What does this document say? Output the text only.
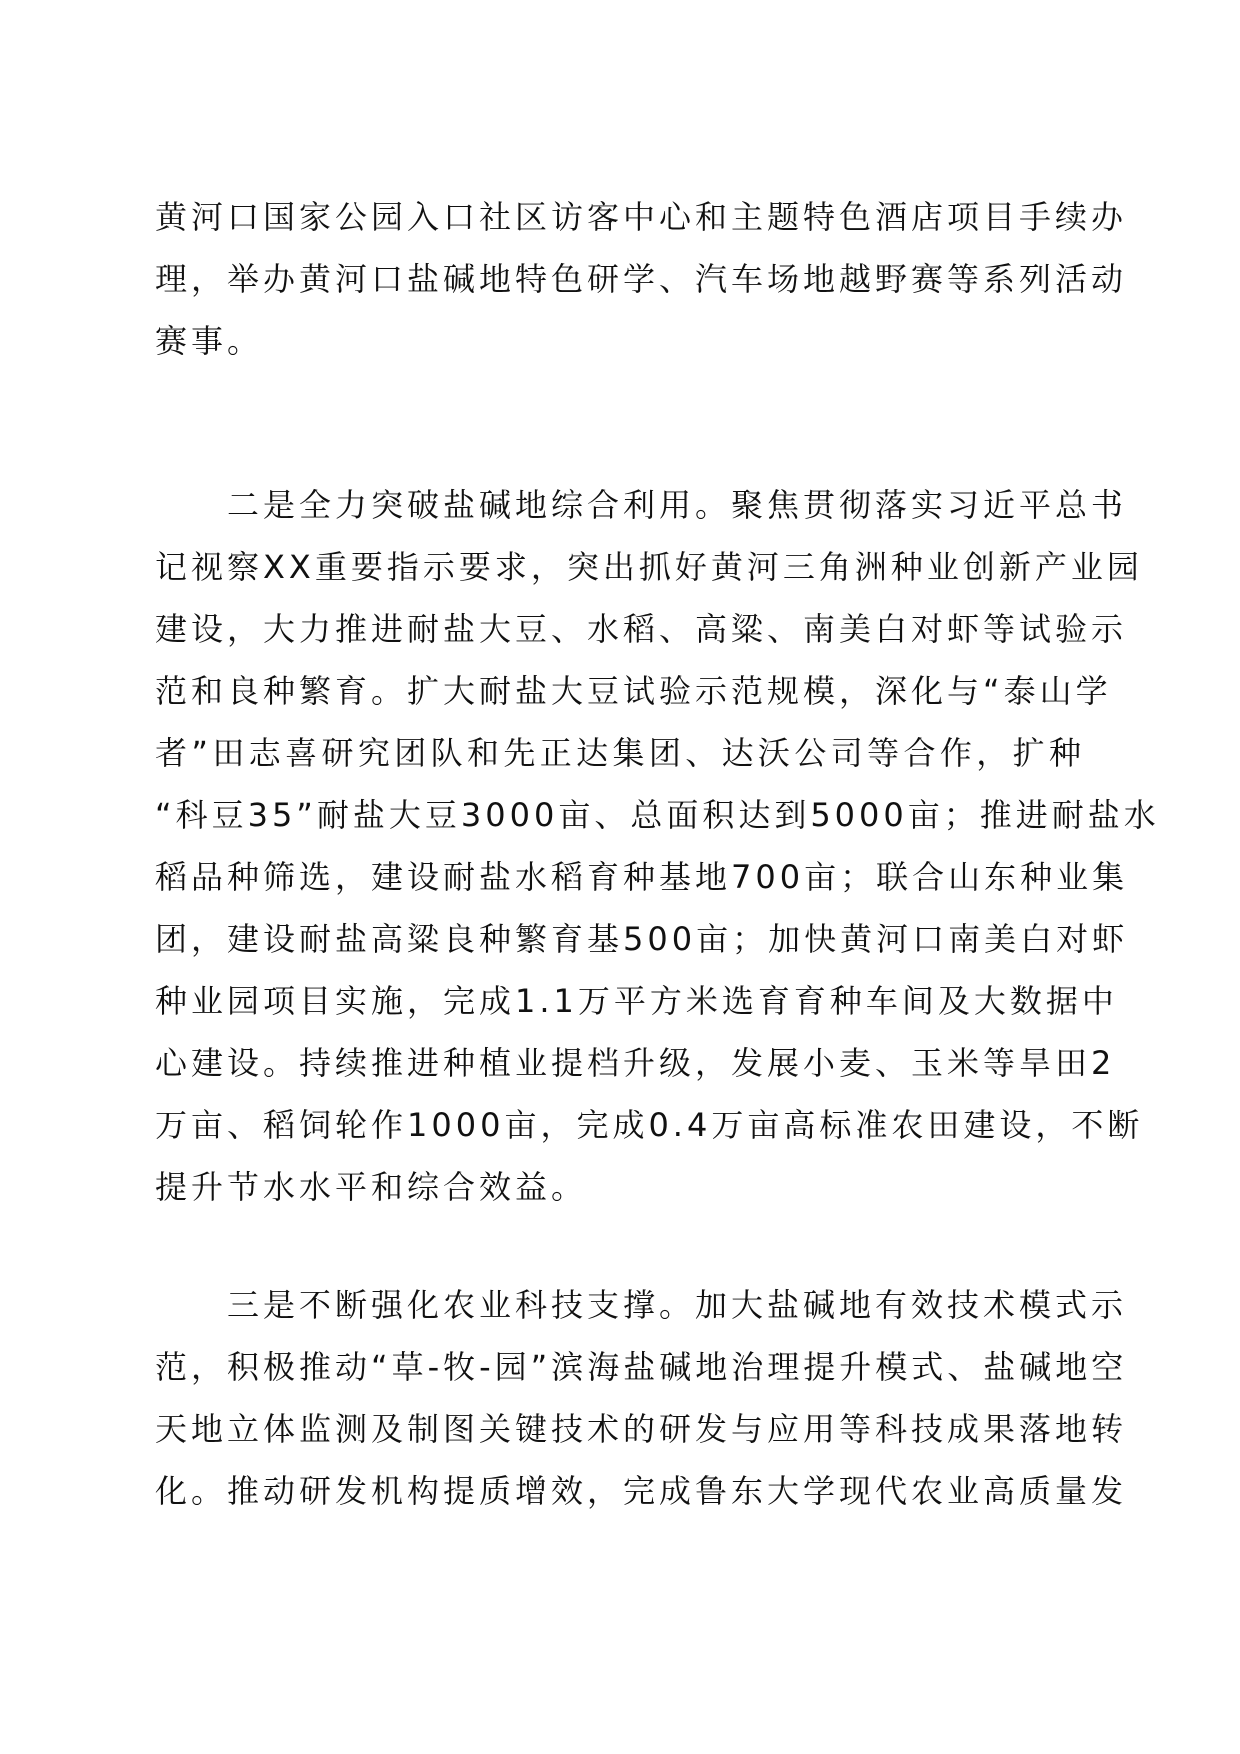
黄河口国家公园入口社区访客中心和主题特色酒店项目手续办
理，举办黄河口盐碱地特色研学、汽车场地越野赛等系列活动
赛事。
二是全力突破盐碱地综合利用。聚焦贯彻落实习近平总书
记视察XX重要指示要求，突出抓好黄河三角洲种业创新产业园
建设，大力推进耐盐大豆、水稻、高粱、南美白对虾等试验示
范和良种繁育。扩大耐盐大豆试验示范规模，深化与“泰山学
者”田志喜研究团队和先正达集团、达沃公司等合作，扩种
“科豆35”耐盐大豆3000亩、总面积达到5000亩；推进耐盐水
稻品种筛选，建设耐盐水稻育种基地700亩；联合山东种业集
团，建设耐盐高粱良种繁育基500亩；加快黄河口南美白对虾
种业园项目实施，完成1.1万平方米选育育种车间及大数据中
心建设。持续推进种植业提档升级，发展小麦、玉米等旱田2
万亩、稻饲轮作1000亩，完成0.4万亩高标准农田建设，不断
提升节水水平和综合效益。
三是不断强化农业科技支撑。加大盐碱地有效技术模式示
范，积极推动“草-牧-园”滨海盐碱地治理提升模式、盐碱地空
天地立体监测及制图关键技术的研发与应用等科技成果落地转
化。推动研发机构提质增效，完成鲁东大学现代农业高质量发
